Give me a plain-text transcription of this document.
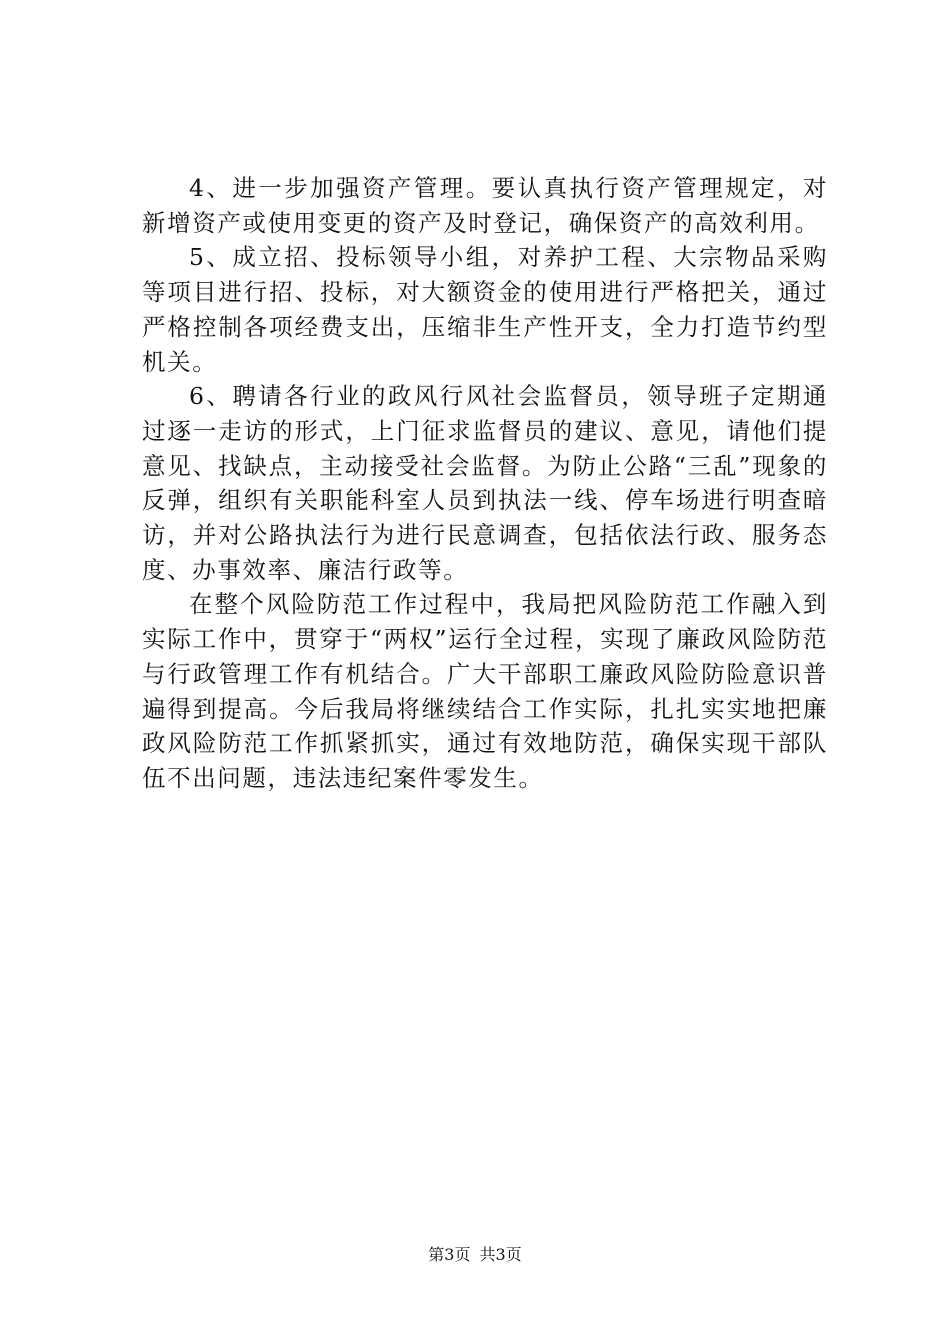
4、进一步加强资产管理。要认真执行资产管理规定，对新增资产或使用变更的资产及时登记，确保资产的高效利用。

5、成立招、投标领导小组，对养护工程、大宗物品采购等项目进行招、投标，对大额资金的使用进行严格把关，通过严格控制各项经费支出，压缩非生产性开支，全力打造节约型机关。

6、聘请各行业的政风行风社会监督员，领导班子定期通过逐一走访的形式，上门征求监督员的建议、意见，请他们提意见、找缺点，主动接受社会监督。为防止公路“三乱”现象的反弹，组织有关职能科室人员到执法一线、停车场进行明查暗访，并对公路执法行为进行民意调查，包括依法行政、服务态度、办事效率、廉洁行政等。

在整个风险防范工作过程中，我局把风险防范工作融入到实际工作中，贯穿于“两权”运行全过程，实现了廉政风险防范与行政管理工作有机结合。广大干部职工廉政风险防险意识普遍得到提高。今后我局将继续结合工作实际，扎扎实实地把廉政风险防范工作抓紧抓实，通过有效地防范，确保实现干部队伍不出问题，违法违纪案件零发生。

第3页 共3页
